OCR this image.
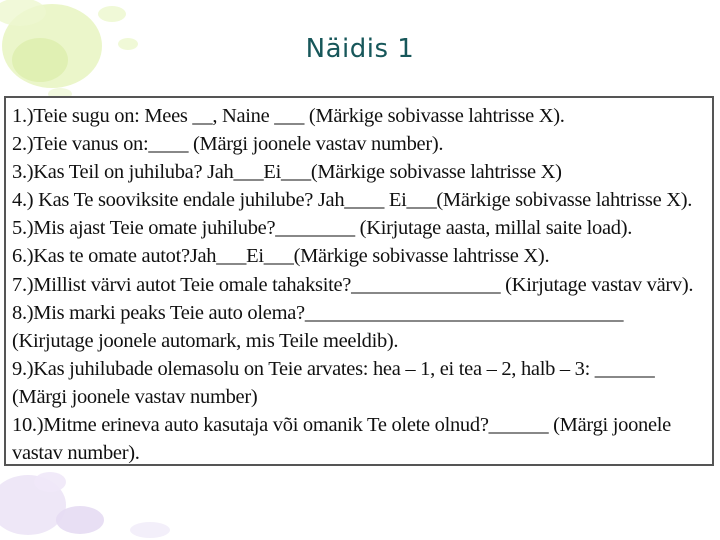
Näidis 1
1.)Teie sugu on: Mees __, Naine ___ (Märkige sobivasse lahtrisse X).
2.)Teie vanus on:____ (Märgi joonele vastav number).
3.)Kas Teil on juhiluba? Jah___Ei___(Märkige sobivasse lahtrisse X)
4.) Kas Te sooviksite endale juhilube? Jah____ Ei___(Märkige sobivasse lahtrisse X).
5.)Mis ajast Teie omate juhilube?________ (Kirjutage aasta, millal saite load).
6.)Kas te omate autot?Jah___Ei___(Märkige sobivasse lahtrisse X).
7.)Millist värvi autot Teie omale tahaksite?_______________ (Kirjutage vastav värv).
8.)Mis marki peaks Teie auto olema?________________________________
(Kirjutage joonele automark, mis Teile meeldib).
9.)Kas juhilubade olemasolu on Teie arvates: hea – 1, ei tea – 2, halb – 3: ______
(Märgi joonele vastav number)
10.)Mitme erineva auto kasutaja või omanik Te olete olnud?______ (Märgi joonele
vastav number).
